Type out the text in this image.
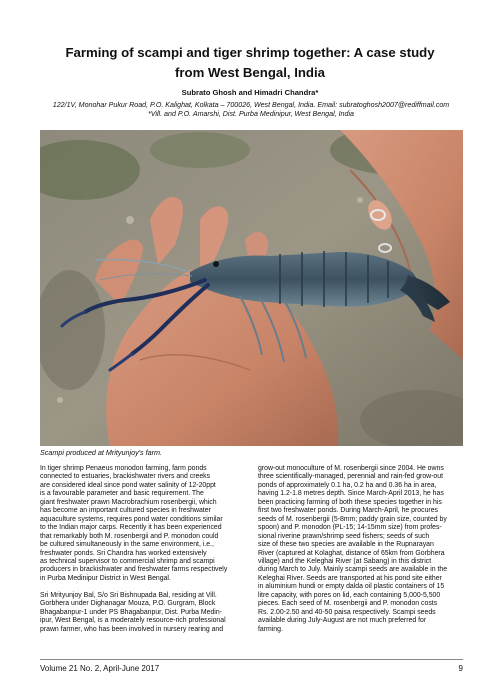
Farming of scampi and tiger shrimp together: A case study
from West Bengal, India
Subrato Ghosh and Himadri Chandra*
122/1V, Monohar Pukur Road, P.O. Kalighat, Kolkata – 700026, West Bengal, India. Email: subratoghosh2007@rediffmail.com
*Vill. and P.O. Amarshi, Dist. Purba Medinipur, West Bengal, India
Scampi produced at Mrityunjoy's farm.

In tiger shrimp Penaeus monodon farming, farm ponds
connected to estuaries, brackishwater rivers and creeks
are considered ideal since pond water salinity of 12-20ppt
is a favourable parameter and basic requirement. The
giant freshwater prawn Macrobrachium rosenbergii, which
has become an important cultured species in freshwater
aquaculture systems, requires pond water conditions similar
to the Indian major carps. Recently it has been experienced
that remarkably both M. rosenbergii and P. monodon could
be cultured simultaneously in the same environment, i.e.,
freshwater ponds. Sri Chandra has worked extensively
as technical supervisor to commercial shrimp and scampi
producers in brackishwater and freshwater farms respectively
in Purba Medinipur District in West Bengal.

Sri Mrityunjoy Bal, S/o Sri Bishnupada Bal, residing at Vill.
Gorbhera under Dighanagar Mouza, P.O. Gurgram, Block
Bhagabanpur-1 under PS Bhagabanpur, Dist. Purba Medin-
ipur, West Bengal, is a moderately resource-rich professional
prawn farmer, who has been involved in nursery rearing and

grow-out monoculture of M. rosenbergii since 2004. He owns
three scientifically-managed, perennial and rain-fed grow-out
ponds of approximately 0.1 ha, 0.2 ha and 0.36 ha in area,
having 1.2-1.8 metres depth. Since March-April 2013, he has
been practicing farming of both these species together in his
first two freshwater ponds. During March-April, he procures
seeds of M. rosenbergii (5-8mm; paddy grain size, counted by
spoon) and P. monodon (PL-15; 14-15mm size) from profes-
sional riverine prawn/shrimp seed fishers; seeds of such
size of these two species are available in the Rupnarayan
River (captured at Kolaghat, distance of 65km from Gorbhera
village) and the Keleghai River (at Sabang) in this district
during March to July. Mainly scampi seeds are available in the
Keleghai River. Seeds are transported at his pond site either
in aluminium hundi or empty dalda oil plastic containers of 15
litre capacity, with pores on lid, each containing 5,000-5,500
pieces. Each seed of M. rosenbergii and P. monodon costs
Rs. 2.00-2.50 and 40-50 paisa respectively. Scampi seeds
available during July-August are not much preferred for
farming.

Volume 21 No. 2, April-June 2017	9
